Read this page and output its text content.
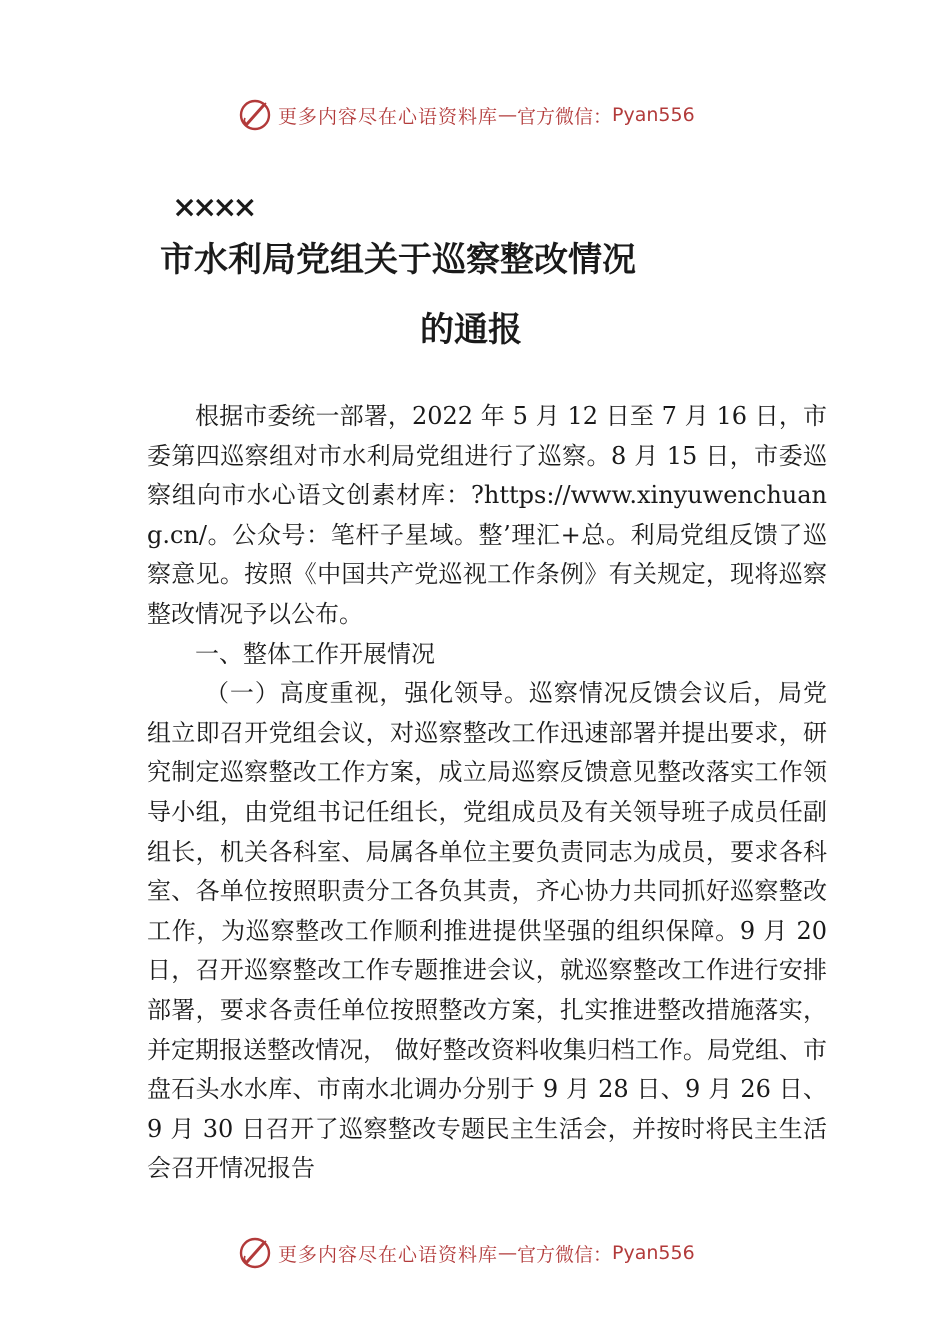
更多内容尽在心语资料库 — 官方微信： Pyan556
××××
市水利局党组关于巡察整改情况
的通报

根据市委统一部署，2022 年 5 月 12 日至 7 月 16 日，市委第四巡察组对市水利局党组进行了巡察。8 月 15 日，市委巡察组向市水心语文创素材库：?https://www.xinyuwenchuang.cn/。公众号：笔杆子星域。整’理汇+总。利局党组反馈了巡察意见。按照《中国共产党巡视工作条例》有关规定，现将巡察整改情况予以公布。

一、整体工作开展情况

（一）高度重视，强化领导。巡察情况反馈会议后，局党组立即召开党组会议，对巡察整改工作迅速部署并提出要求，研究制定巡察整改工作方案，成立局巡察反馈意见整改落实工作领导小组，由党组书记任组长，党组成员及有关领导班子成员任副组长，机关各科室、局属各单位主要负责同志为成员，要求各科室、各单位按照职责分工各负其责，齐心协力共同抓好巡察整改工作，为巡察整改工作顺利推进提供坚强的组织保障。9 月 20 日，召开巡察整改工作专题推进会议，就巡察整改工作进行安排部署，要求各责任单位按照整改方案，扎实推进整改措施落实，并定期报送整改情况， 做好整改资料收集归档工作。局党组、市盘石头水水库、市南水北调办分别于 9 月 28 日、9 月 26 日、9 月 30 日召开了巡察整改专题民主生活会，并按时将民主生活会召开情况报告

更多内容尽在心语资料库 — 官方微信： Pyan556
